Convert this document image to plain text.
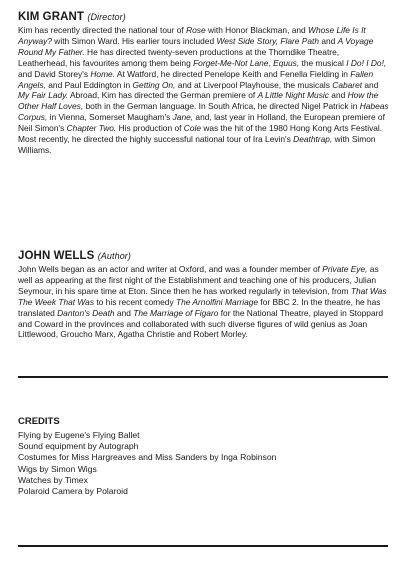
KIM GRANT (Director)

Kim has recently directed the national tour of Rose with Honor Blackman, and Whose Life Is It Anyway? with Simon Ward. His earlier tours included West Side Story, Flare Path and A Voyage Round My Father. He has directed twenty-seven productions at the Thorndike Theatre, Leatherhead, his favourites among them being Forget-Me-Not Lane, Equus, the musical I Do! I Do!, and David Storey's Home. At Watford, he directed Penelope Keith and Fenella Fielding in Fallen Angels, and Paul Eddington in Getting On, and at Liverpool Playhouse, the musicals Cabaret and My Fair Lady. Abroad, Kim has directed the German premiere of A Little Night Music and How the Other Half Loves, both in the German language. In South Africa, he directed Nigel Patrick in Habeas Corpus, in Vienna, Somerset Maugham's Jane, and, last year in Holland, the European premiere of Neil Simon's Chapter Two. His production of Cole was the hit of the 1980 Hong Kong Arts Festival. Most recently, he directed the highly successful national tour of Ira Levin's Deathtrap, with Simon Williams.

JOHN WELLS (Author)

John Wells began as an actor and writer at Oxford, and was a founder member of Private Eye, as well as appearing at the first night of the Establishment and teaching one of his producers, Julian Seymour, in his spare time at Eton. Since then he has worked regularly in television, from That Was The Week That Was to his recent comedy The Arnolfini Marriage for BBC 2. In the theatre, he has translated Danton's Death and The Marriage of Figaro for the National Theatre, played in Stoppard and Coward in the provinces and collaborated with such diverse figures of wild genius as Joan Littlewood, Groucho Marx, Agatha Christie and Robert Morley.

CREDITS

Flying by Eugene's Flying Ballet
Sound equipment by Autograph
Costumes for Miss Hargreaves and Miss Sanders by Inga Robinson
Wigs by Simon Wigs
Watches by Timex
Polaroid Camera by Polaroid
